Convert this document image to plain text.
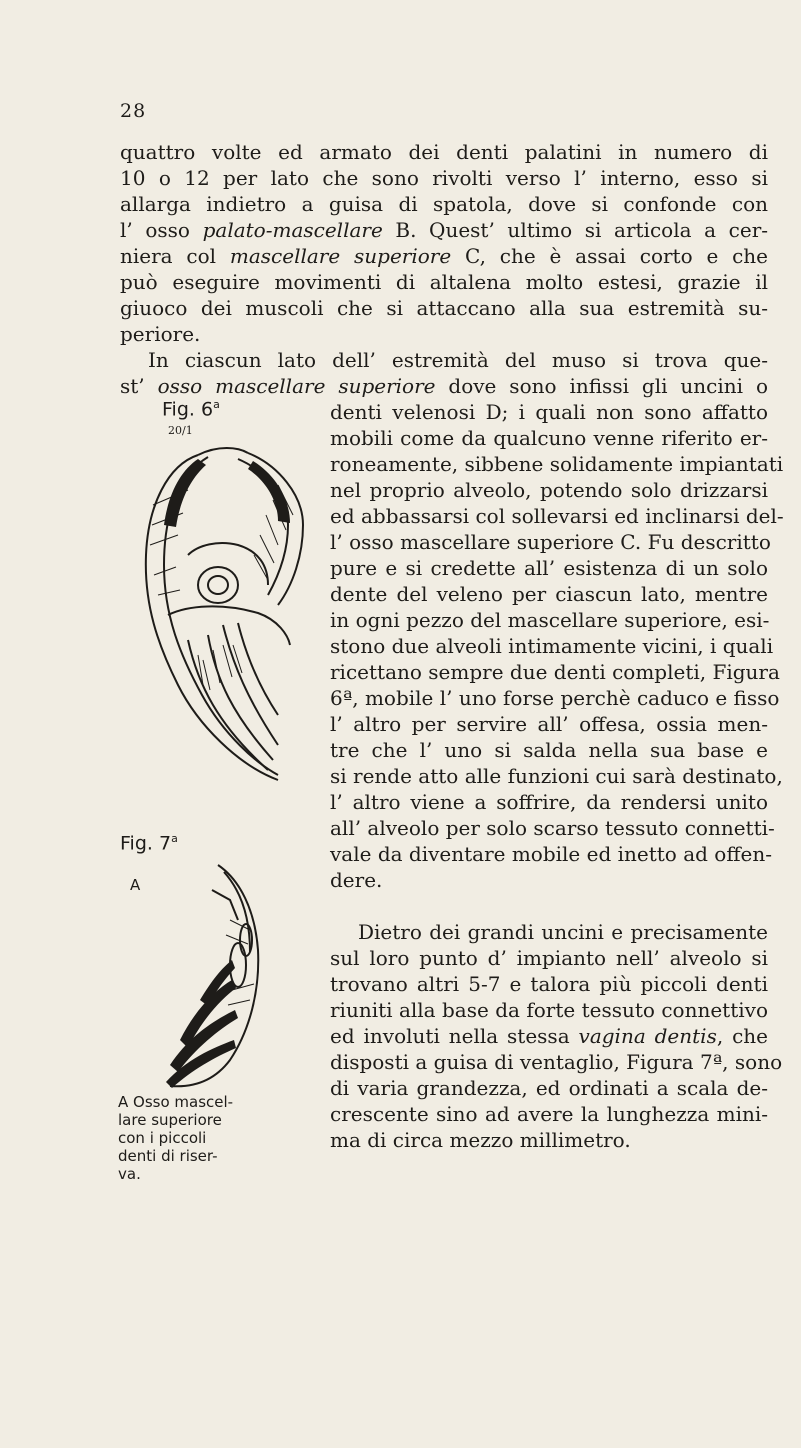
28
quattro volte ed armato dei denti palatini in numero di
10 o 12 per lato che sono rivolti verso l’ interno, esso si
allarga indietro a guisa di spatola, dove si confonde con
l’ osso palato-mascellare B. Quest’ ultimo si articola a cer-
niera col mascellare superiore C, che è assai corto e che
può eseguire movimenti di altalena molto estesi, grazie il
giuoco dei muscoli che si attaccano alla sua estremità su-
periore.
In ciascun lato dell’ estremità del muso si trova que-
st’ osso mascellare superiore dove sono infissi gli uncini o
denti velenosi D; i quali non sono affatto
mobili come da qualcuno venne riferito er-
roneamente, sibbene solidamente impiantati
nel proprio alveolo, potendo solo drizzarsi
ed abbassarsi col sollevarsi ed inclinarsi del-
l’ osso mascellare superiore C. Fu descritto
pure e si credette all’ esistenza di un solo
dente del veleno per ciascun lato, mentre
in ogni pezzo del mascellare superiore, esi-
stono due alveoli intimamente vicini, i quali
ricettano sempre due denti completi, Figura
6ª, mobile l’ uno forse perchè caduco e fisso
l’ altro per servire all’ offesa, ossia men-
tre che l’ uno si salda nella sua base e
si rende atto alle funzioni cui sarà destinato,
l’ altro viene a soffrire, da rendersi unito
all’ alveolo per solo scarso tessuto connetti-
vale da diventare mobile ed inetto ad offen-
dere.
Dietro dei grandi uncini e precisamente
sul loro punto d’ impianto nell’ alveolo si
trovano altri 5-7 e talora più piccoli denti
riuniti alla base da forte tessuto connettivo
ed involuti nella stessa vagina dentis, che
disposti a guisa di ventaglio, Figura 7ª, sono
di varia grandezza, ed ordinati a scala de-
crescente sino ad avere la lunghezza mini-
ma di circa mezzo millimetro.
Fig. 6$^a$
20/1
Fig. 7$^a$
A
A Osso mascel-
lare superiore
con i piccoli
denti di riser-
va.
